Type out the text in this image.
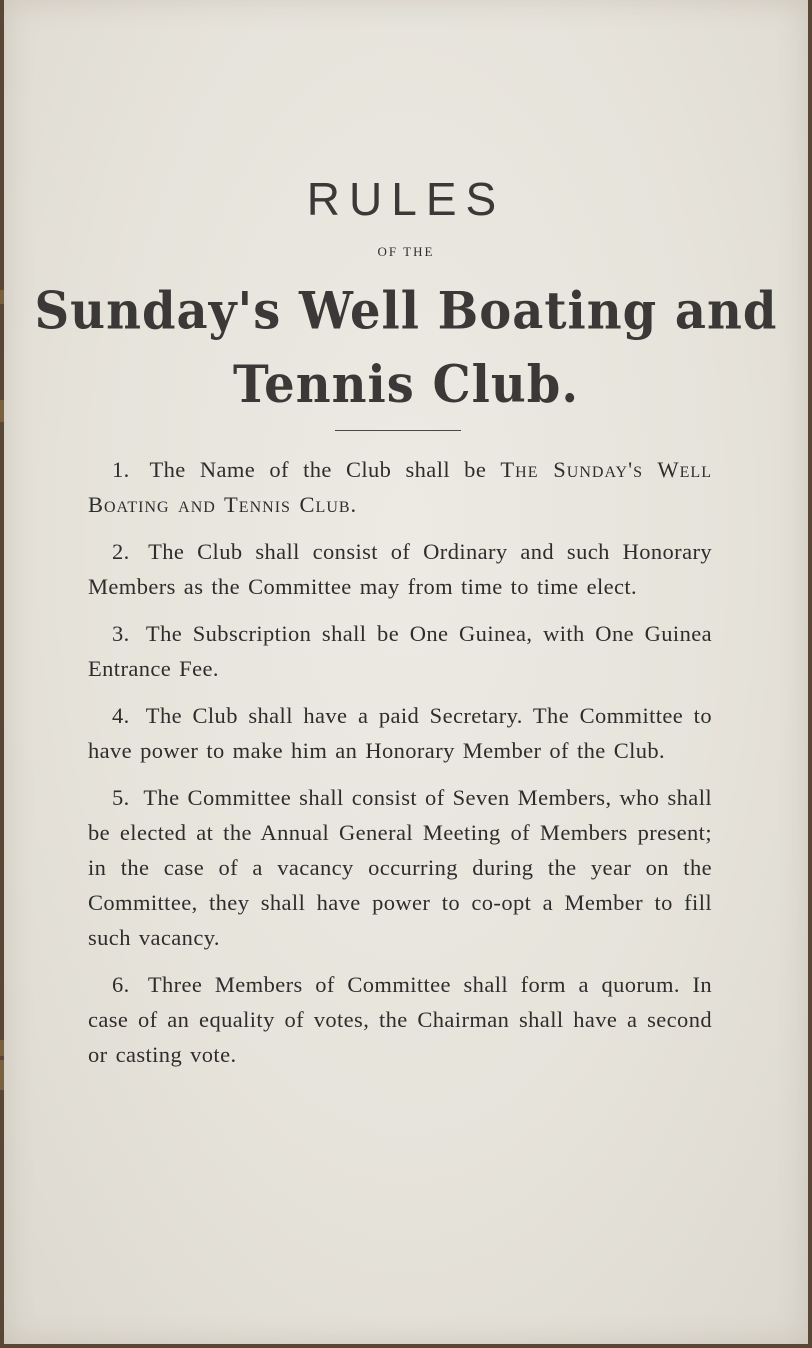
RULES
OF THE
Sunday's Well Boating and
Tennis Club.

1. The Name of the Club shall be The Sunday's Well Boating and Tennis Club.

2. The Club shall consist of Ordinary and such Honorary Members as the Committee may from time to time elect.

3. The Subscription shall be One Guinea, with One Guinea Entrance Fee.

4. The Club shall have a paid Secretary. The Committee to have power to make him an Honorary Member of the Club.

5. The Committee shall consist of Seven Members, who shall be elected at the Annual General Meeting of Members present; in the case of a vacancy occurring during the year on the Committee, they shall have power to co-opt a Member to fill such vacancy.

6. Three Members of Committee shall form a quorum. In case of an equality of votes, the Chairman shall have a second or casting vote.
